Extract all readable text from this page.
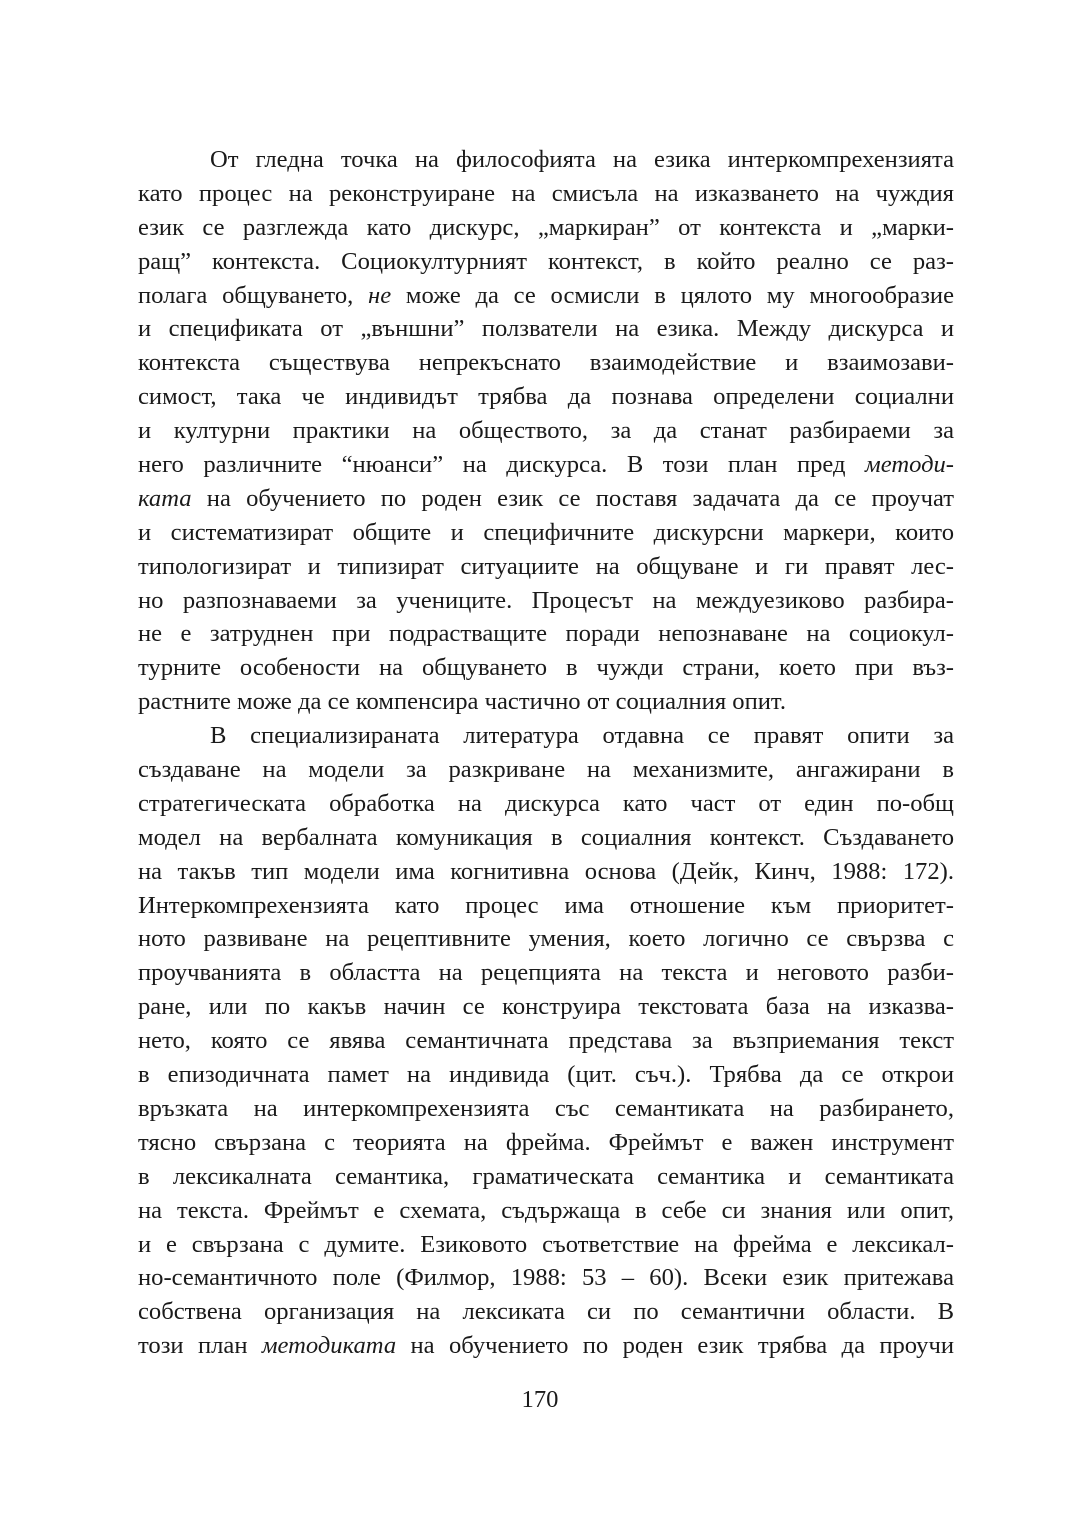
От гледна точка на философията на езика интеркомпрехензията
като процес на реконструиране на смисъла на изказването на чуждия
език се разглежда като дискурс, „маркиран” от контекста и „марки-
ращ” контекста. Социокултурният контекст, в който реално се раз-
полага общуването, не може да се осмисли в цялото му многообразие
и спецификата от „външни” ползватели на езика. Между дискурса и
контекста съществува непрекъснато взаимодействие и взаимозави-
симост, така че индивидът трябва да познава определени социални
и културни практики на обществото, за да станат разбираеми за
него различните “нюанси” на дискурса. В този план пред методи-
ката на обучението по роден език се поставя задачата да се проучат
и систематизират общите и специфичните дискурсни маркери, които
типологизират и типизират ситуациите на общуване и ги правят лес-
но разпознаваеми за учениците. Процесът на междуезиково разбира-
не е затруднен при подрастващите поради непознаване на социокул-
турните особености на общуването в чужди страни, което при въз-
растните може да се компенсира частично от социалния опит.
В специализираната литература отдавна се правят опити за
създаване на модели за разкриване на механизмите, ангажирани в
стратегическата обработка на дискурса като част от един по-общ
модел на вербалната комуникация в социалния контекст. Създаването
на такъв тип модели има когнитивна основа (Дейк, Кинч, 1988: 172).
Интеркомпрехензията като процес има отношение към приоритет-
ното развиване на рецептивните умения, което логично се свързва с
проучванията в областта на рецепцията на текста и неговото разби-
ране, или по какъв начин се конструира текстовата база на изказва-
нето, която се явява семантичната представа за възприемания текст
в епизодичната памет на индивида (цит. съч.). Трябва да се открои
връзката на интеркомпрехензията със семантиката на разбирането,
тясно свързана с теорията на фрейма. Фреймът е важен инструмент
в лексикалната семантика, граматическата семантика и семантиката
на текста. Фреймът е схемата, съдържаща в себе си знания или опит,
и е свързана с думите. Езиковото съответствие на фрейма е лексикал-
но-семантичното поле (Филмор, 1988: 53 – 60). Всеки език притежава
собствена организация на лексиката си по семантични области. В
този план методиката на обучението по роден език трябва да проучи
170
